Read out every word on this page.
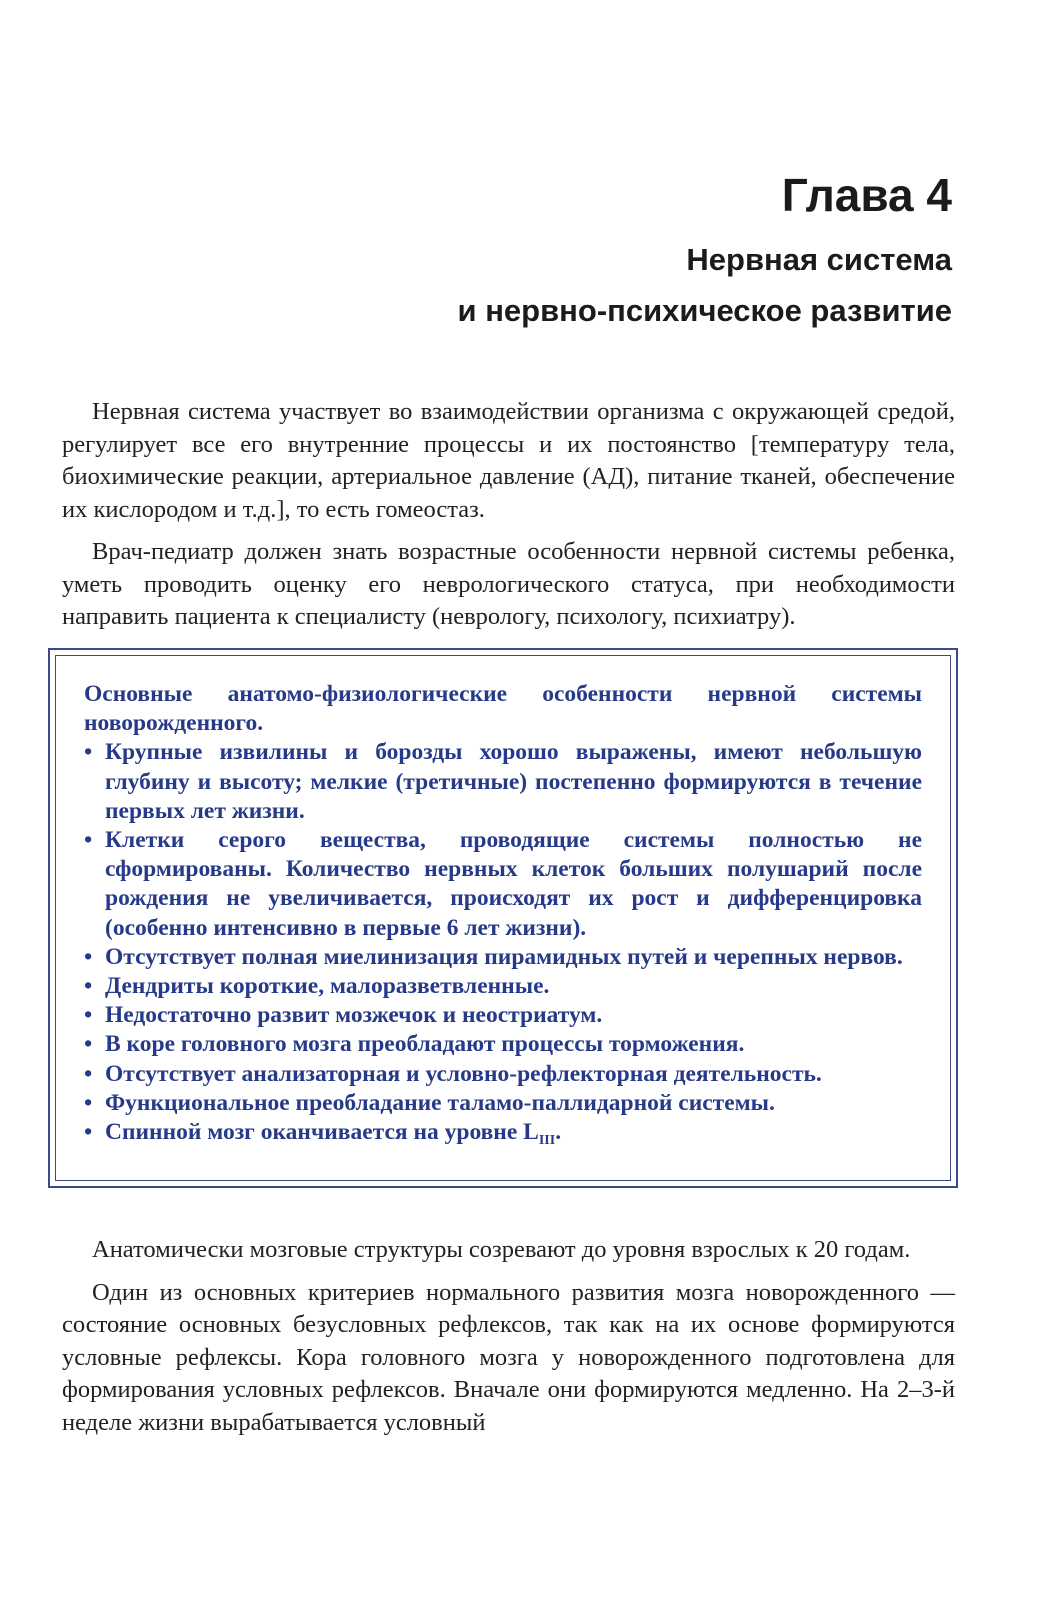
Глава 4
Нервная система
и нервно-психическое развитие

Нервная система участвует во взаимодействии организма с окружающей средой, регулирует все его внутренние процессы и их постоянство [температуру тела, биохимические реакции, артериальное давление (АД), питание тканей, обеспечение их кислородом и т.д.], то есть гомеостаз.

Врач-педиатр должен знать возрастные особенности нервной системы ребенка, уметь проводить оценку его неврологического статуса, при необходимости направить пациента к специалисту (неврологу, психологу, психиатру).

Основные анатомо-физиологические особенности нервной системы новорожденного.

• Крупные извилины и борозды хорошо выражены, имеют небольшую глубину и высоту; мелкие (третичные) постепенно формируются в течение первых лет жизни.
• Клетки серого вещества, проводящие системы полностью не сформированы. Количество нервных клеток больших полушарий после рождения не увеличивается, происходят их рост и дифференцировка (особенно интенсивно в первые 6 лет жизни).
• Отсутствует полная миелинизация пирамидных путей и черепных нервов.
• Дендриты короткие, малоразветвленные.
• Недостаточно развит мозжечок и неостриатум.
• В коре головного мозга преобладают процессы торможения.
• Отсутствует анализаторная и условно-рефлекторная деятельность.
• Функциональное преобладание таламо-паллидарной системы.
• Спинной мозг оканчивается на уровне $L_{III}$.

Анатомически мозговые структуры созревают до уровня взрослых к 20 годам.

Один из основных критериев нормального развития мозга новорожденного — состояние основных безусловных рефлексов, так как на их основе формируются условные рефлексы. Кора головного мозга у новорожденного подготовлена для формирования условных рефлексов. Вначале они формируются медленно. На 2–3-й неделе жизни вырабатывается условный
